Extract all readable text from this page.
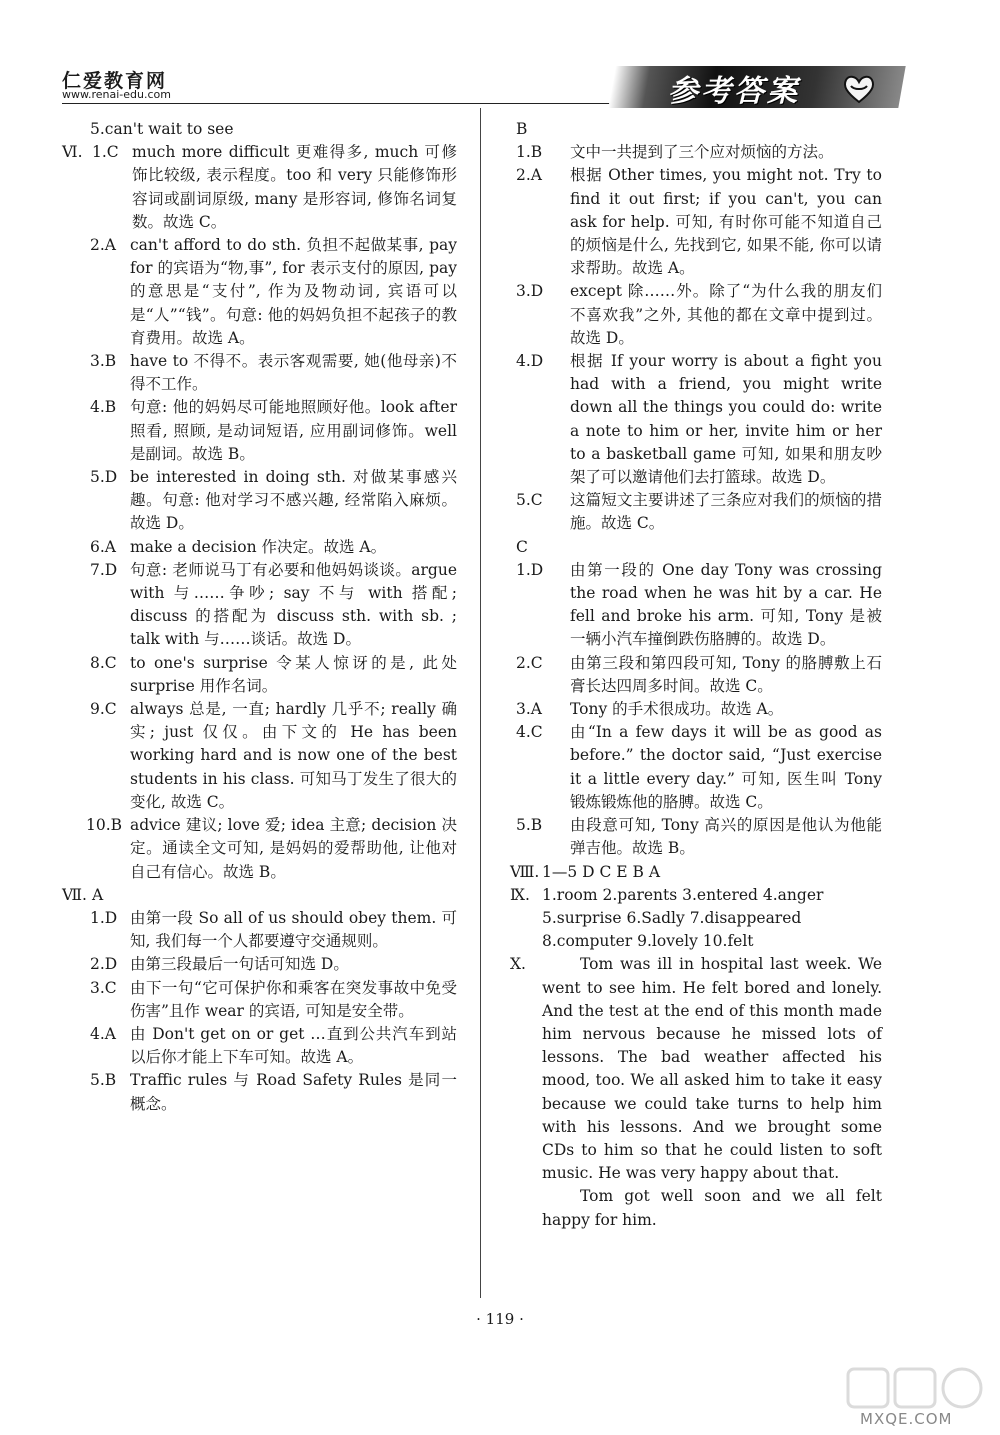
仁爱教育网
www.renai-edu.com	参考答案
5.can't wait to see
Ⅵ. 1.C much more difficult 更难得多, much 可修饰比较级, 表示程度。too 和 very 只能修饰形容词或副词原级, many 是形容词, 修饰名词复数。故选 C。
2.A can't afford to do sth. 负担不起做某事, pay for 的宾语为“物,事”, for 表示支付的原因, pay 的意思是“支付”, 作为及物动词, 宾语可以是“人”“钱”。句意: 他的妈妈负担不起孩子的教育费用。故选 A。
3.B have to 不得不。表示客观需要, 她(他母亲)不得不工作。
4.B 句意: 他的妈妈尽可能地照顾好他。look after 照看, 照顾, 是动词短语, 应用副词修饰。well 是副词。故选 B。
5.D be interested in doing sth. 对做某事感兴趣。句意: 他对学习不感兴趣, 经常陷入麻烦。故选 D。
6.A make a decision 作决定。故选 A。
7.D 句意: 老师说马丁有必要和他妈妈谈谈。argue with 与……争吵; say 不与 with 搭配; discuss 的搭配为 discuss sth. with sb. ; talk with 与……谈话。故选 D。
8.C to one's surprise 令某人惊讶的是, 此处 surprise 用作名词。
9.C always 总是, 一直; hardly 几乎不; really 确实; just 仅仅。由下文的 He has been working hard and is now one of the best students in his class. 可知马丁发生了很大的变化, 故选 C。
10.B advice 建议; love 爱; idea 主意; decision 决定。通读全文可知, 是妈妈的爱帮助他, 让他对自己有信心。故选 B。
Ⅶ. A
1.D 由第一段 So all of us should obey them. 可知, 我们每一个人都要遵守交通规则。
2.D 由第三段最后一句话可知选 D。
3.C 由下一句“它可保护你和乘客在突发事故中免受伤害”且作 wear 的宾语, 可知是安全带。
4.A 由 Don't get on or get …直到公共汽车到站以后你才能上下车可知。故选 A。
5.B Traffic rules 与 Road Safety Rules 是同一概念。
B
1.B	文中一共提到了三个应对烦恼的方法。
2.A	根据 Other times, you might not. Try to find it out first; if you can't, you can ask for help. 可知, 有时你可能不知道自己的烦恼是什么, 先找到它, 如果不能, 你可以请求帮助。故选 A。
3.D	except 除……外。除了“为什么我的朋友们不喜欢我”之外, 其他的都在文章中提到过。故选 D。
4.D	根据 If your worry is about a fight you had with a friend, you might write down all the things you could do: write a note to him or her, invite him or her to a basketball game 可知, 如果和朋友吵架了可以邀请他们去打篮球。故选 D。
5.C	这篇短文主要讲述了三条应对我们的烦恼的措施。故选 C。
C
1.D	由第一段的 One day Tony was crossing the road when he was hit by a car. He fell and broke his arm. 可知, Tony 是被一辆小汽车撞倒跌伤胳膊的。故选 D。
2.C	由第三段和第四段可知, Tony 的胳膊敷上石膏长达四周多时间。故选 C。
3.A	Tony 的手术很成功。故选 A。
4.C	由“In a few days it will be as good as before.” the doctor said, “Just exercise it a little every day.” 可知, 医生叫 Tony 锻炼锻炼他的胳膊。故选 C。
5.B	由段意可知, Tony 高兴的原因是他认为他能弹吉他。故选 B。
Ⅷ. 1—5 D C E B A
Ⅸ. 1.room 2.parents 3.entered 4.anger
5.surprise 6.Sadly 7.disappeared
8.computer 9.lovely 10.felt
Ⅹ.	Tom was ill in hospital last week. We went to see him. He felt bored and lonely. And the test at the end of this month made him nervous because he missed lots of lessons. The bad weather affected his mood, too. We all asked him to take it easy because we could take turns to help him with his lessons. And we brought some CDs to him so that he could listen to soft music. He was very happy about that.

Tom got well soon and we all felt happy for him.

· 119 ·
MXQE.COM
